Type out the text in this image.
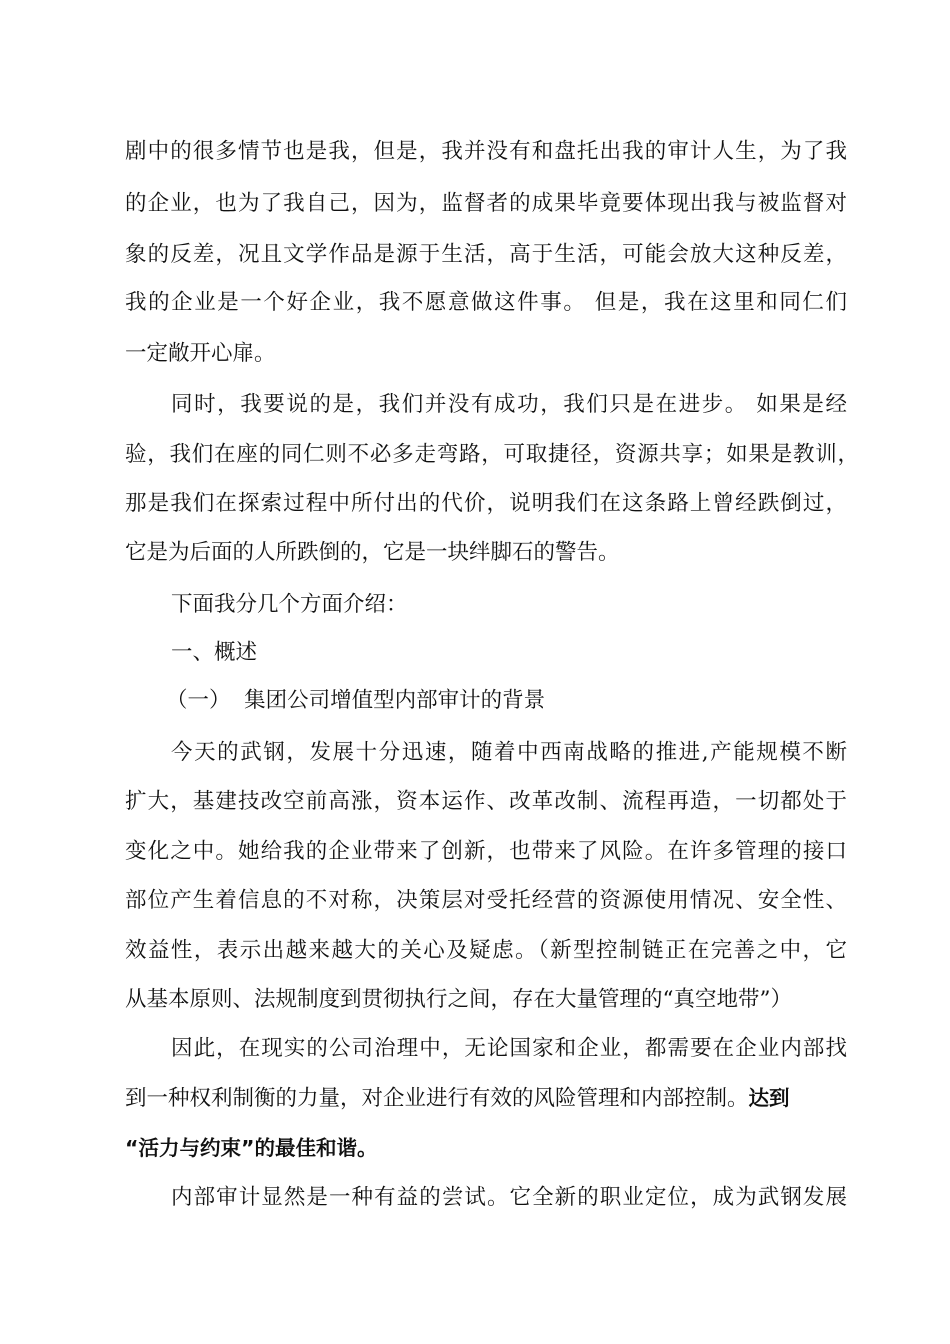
剧中的很多情节也是我，但是，我并没有和盘托出我的审计人生，为了我
的企业，也为了我自己，因为，监督者的成果毕竟要体现出我与被监督对
象的反差，况且文学作品是源于生活，高于生活，可能会放大这种反差，
我的企业是一个好企业，我不愿意做这件事。 但是，我在这里和同仁们
一定敞开心扉。
同时，我要说的是，我们并没有成功，我们只是在进步。 如果是经
验，我们在座的同仁则不必多走弯路，可取捷径，资源共享；如果是教训，
那是我们在探索过程中所付出的代价，说明我们在这条路上曾经跌倒过，
它是为后面的人所跌倒的，它是一块绊脚石的警告。
下面我分几个方面介绍：
一、概述
（一）  集团公司增值型内部审计的背景
今天的武钢，发展十分迅速，随着中西南战略的推进,产能规模不断
扩大，基建技改空前高涨，资本运作、改革改制、流程再造，一切都处于
变化之中。她给我的企业带来了创新，也带来了风险。在许多管理的接口
部位产生着信息的不对称，决策层对受托经营的资源使用情况、安全性、
效益性，表示出越来越大的关心及疑虑。（新型控制链正在完善之中，它
从基本原则、法规制度到贯彻执行之间，存在大量管理的“真空地带”）
因此，在现实的公司治理中，无论国家和企业，都需要在企业内部找
到一种权利制衡的力量，对企业进行有效的风险管理和内部控制。达到
“活力与约束”的最佳和谐。
内部审计显然是一种有益的尝试。它全新的职业定位，成为武钢发展
